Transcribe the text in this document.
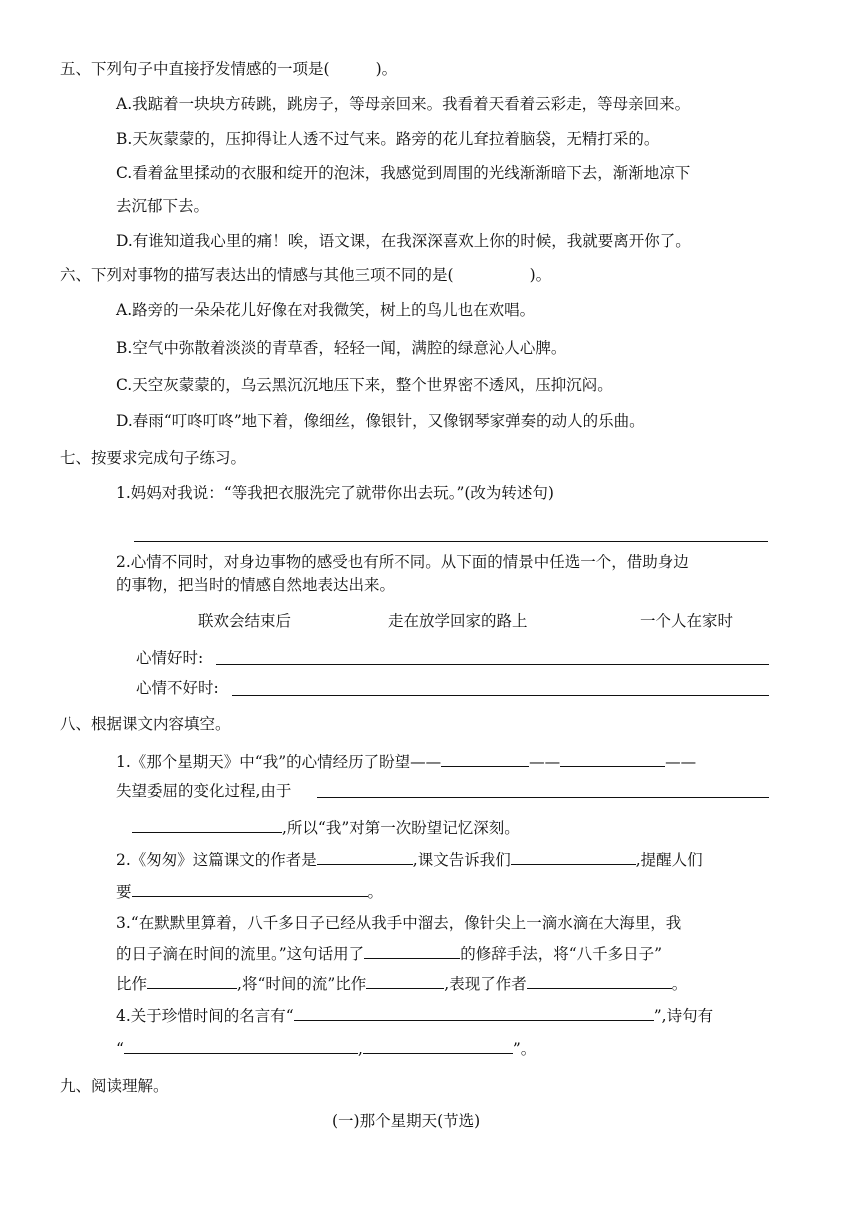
五、下列句子中直接抒发情感的一项是(	)。
A.我踮着一块块方砖跳，跳房子，等母亲回来。我看着天看着云彩走，等母亲回来。
B.天灰蒙蒙的，压抑得让人透不过气来。路旁的花儿耷拉着脑袋，无精打采的。
C.看着盆里揉动的衣服和绽开的泡沫，我感觉到周围的光线渐渐暗下去，渐渐地凉下
去沉郁下去。
D.有谁知道我心里的痛！唉，语文课，在我深深喜欢上你的时候，我就要离开你了。
六、下列对事物的描写表达出的情感与其他三项不同的是(	)。
A.路旁的一朵朵花儿好像在对我微笑，树上的鸟儿也在欢唱。
B.空气中弥散着淡淡的青草香，轻轻一闻，满腔的绿意沁人心脾。
C.天空灰蒙蒙的，乌云黑沉沉地压下来，整个世界密不透风，压抑沉闷。
D.春雨“叮咚叮咚”地下着，像细丝，像银针，又像钢琴家弹奏的动人的乐曲。
七、按要求完成句子练习。
1.妈妈对我说：“等我把衣服洗完了就带你出去玩。”(改为转述句)
2.心情不同时，对身边事物的感受也有所不同。从下面的情景中任选一个，借助身边
的事物，把当时的情感自然地表达出来。
联欢会结束后	走在放学回家的路上	一个人在家时
心情好时:
心情不好时:
八、根据课文内容填空。
1.《那个星期天》中“我”的心情经历了盼望——	——	——
失望委屈的变化过程,由于
,所以“我”对第一次盼望记忆深刻。
2.《匆匆》这篇课文的作者是	,课文告诉我们	,提醒人们
要	。
3.“在默默里算着，八千多日子已经从我手中溜去，像针尖上一滴水滴在大海里，我
的日子滴在时间的流里。”这句话用了	的修辞手法，将“八千多日子”
比作	,将“时间的流”比作	,表现了作者	。
4.关于珍惜时间的名言有“	”,诗句有
“	,	”。
九、阅读理解。
(一)那个星期天(节选)
